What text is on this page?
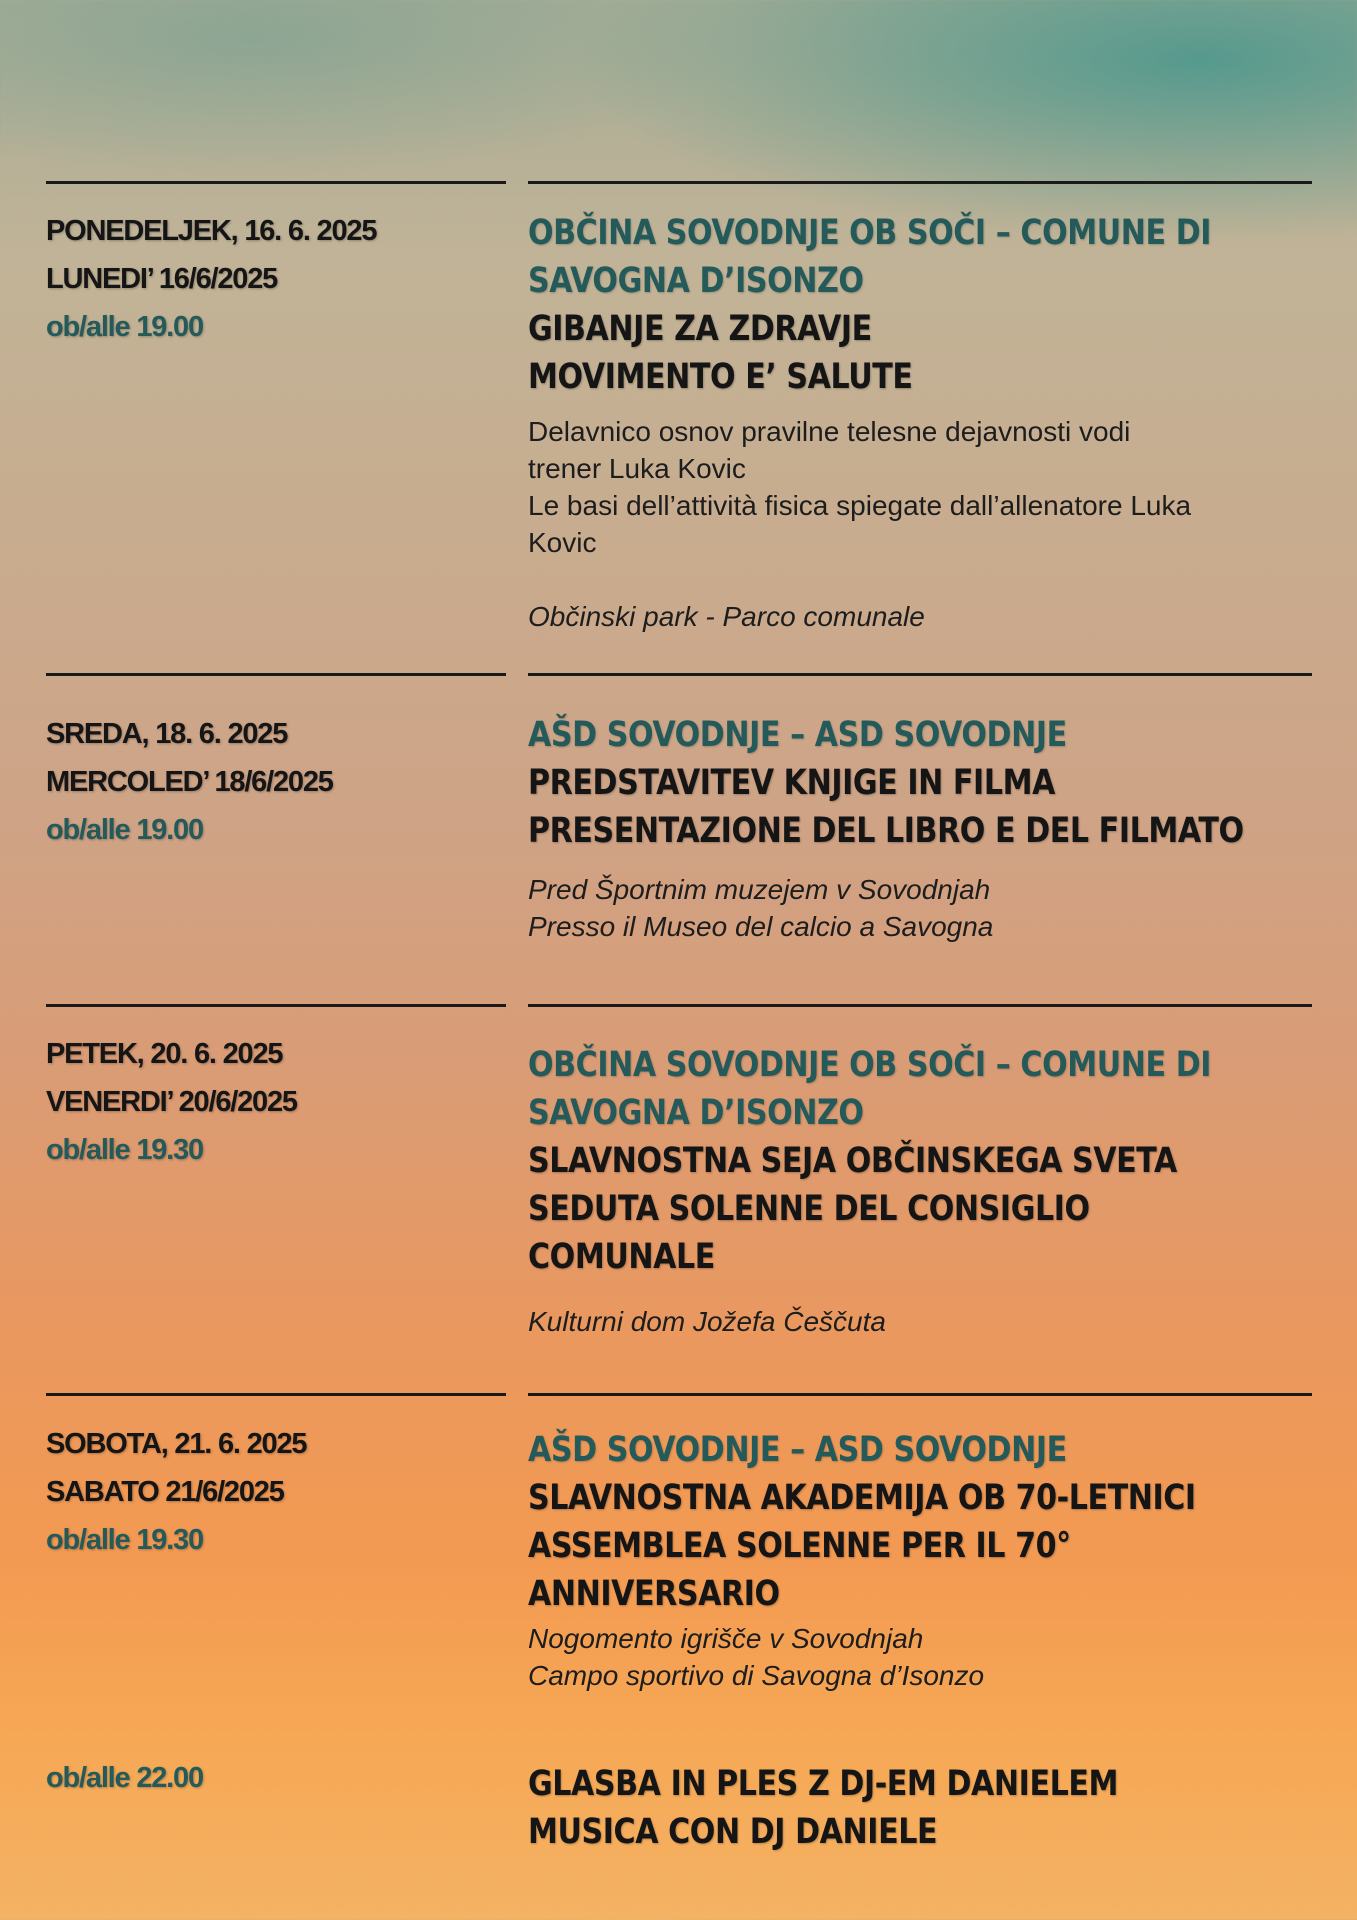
PONEDELJEK, 16. 6. 2025
LUNEDI’ 16/6/2025
ob/alle 19.00
OBČINA SOVODNJE OB SOČI – COMUNE DI
SAVOGNA D’ISONZO
GIBANJE ZA ZDRAVJE
MOVIMENTO E’ SALUTE
Delavnico osnov pravilne telesne dejavnosti vodi
trener Luka Kovic
Le basi dell’attività fisica spiegate dall’allenatore Luka
Kovic
Občinski park - Parco comunale
SREDA, 18. 6. 2025
MERCOLED’ 18/6/2025
ob/alle 19.00
AŠD SOVODNJE – ASD SOVODNJE
PREDSTAVITEV KNJIGE IN FILMA
PRESENTAZIONE DEL LIBRO E DEL FILMATO
Pred Športnim muzejem v Sovodnjah
Presso il Museo del calcio a Savogna
PETEK, 20. 6. 2025
VENERDI’ 20/6/2025
ob/alle 19.30
OBČINA SOVODNJE OB SOČI – COMUNE DI
SAVOGNA D’ISONZO
SLAVNOSTNA SEJA OBČINSKEGA SVETA
SEDUTA SOLENNE DEL CONSIGLIO
COMUNALE
Kulturni dom Jožefa Češčuta
SOBOTA, 21. 6. 2025
SABATO 21/6/2025
ob/alle 19.30
AŠD SOVODNJE – ASD SOVODNJE
SLAVNOSTNA AKADEMIJA OB 70-LETNICI
ASSEMBLEA SOLENNE PER IL 70°
ANNIVERSARIO
Nogomento igrišče v Sovodnjah
Campo sportivo di Savogna d’Isonzo
ob/alle 22.00	GLASBA IN PLES Z DJ-EM DANIELEM
MUSICA CON DJ DANIELE
